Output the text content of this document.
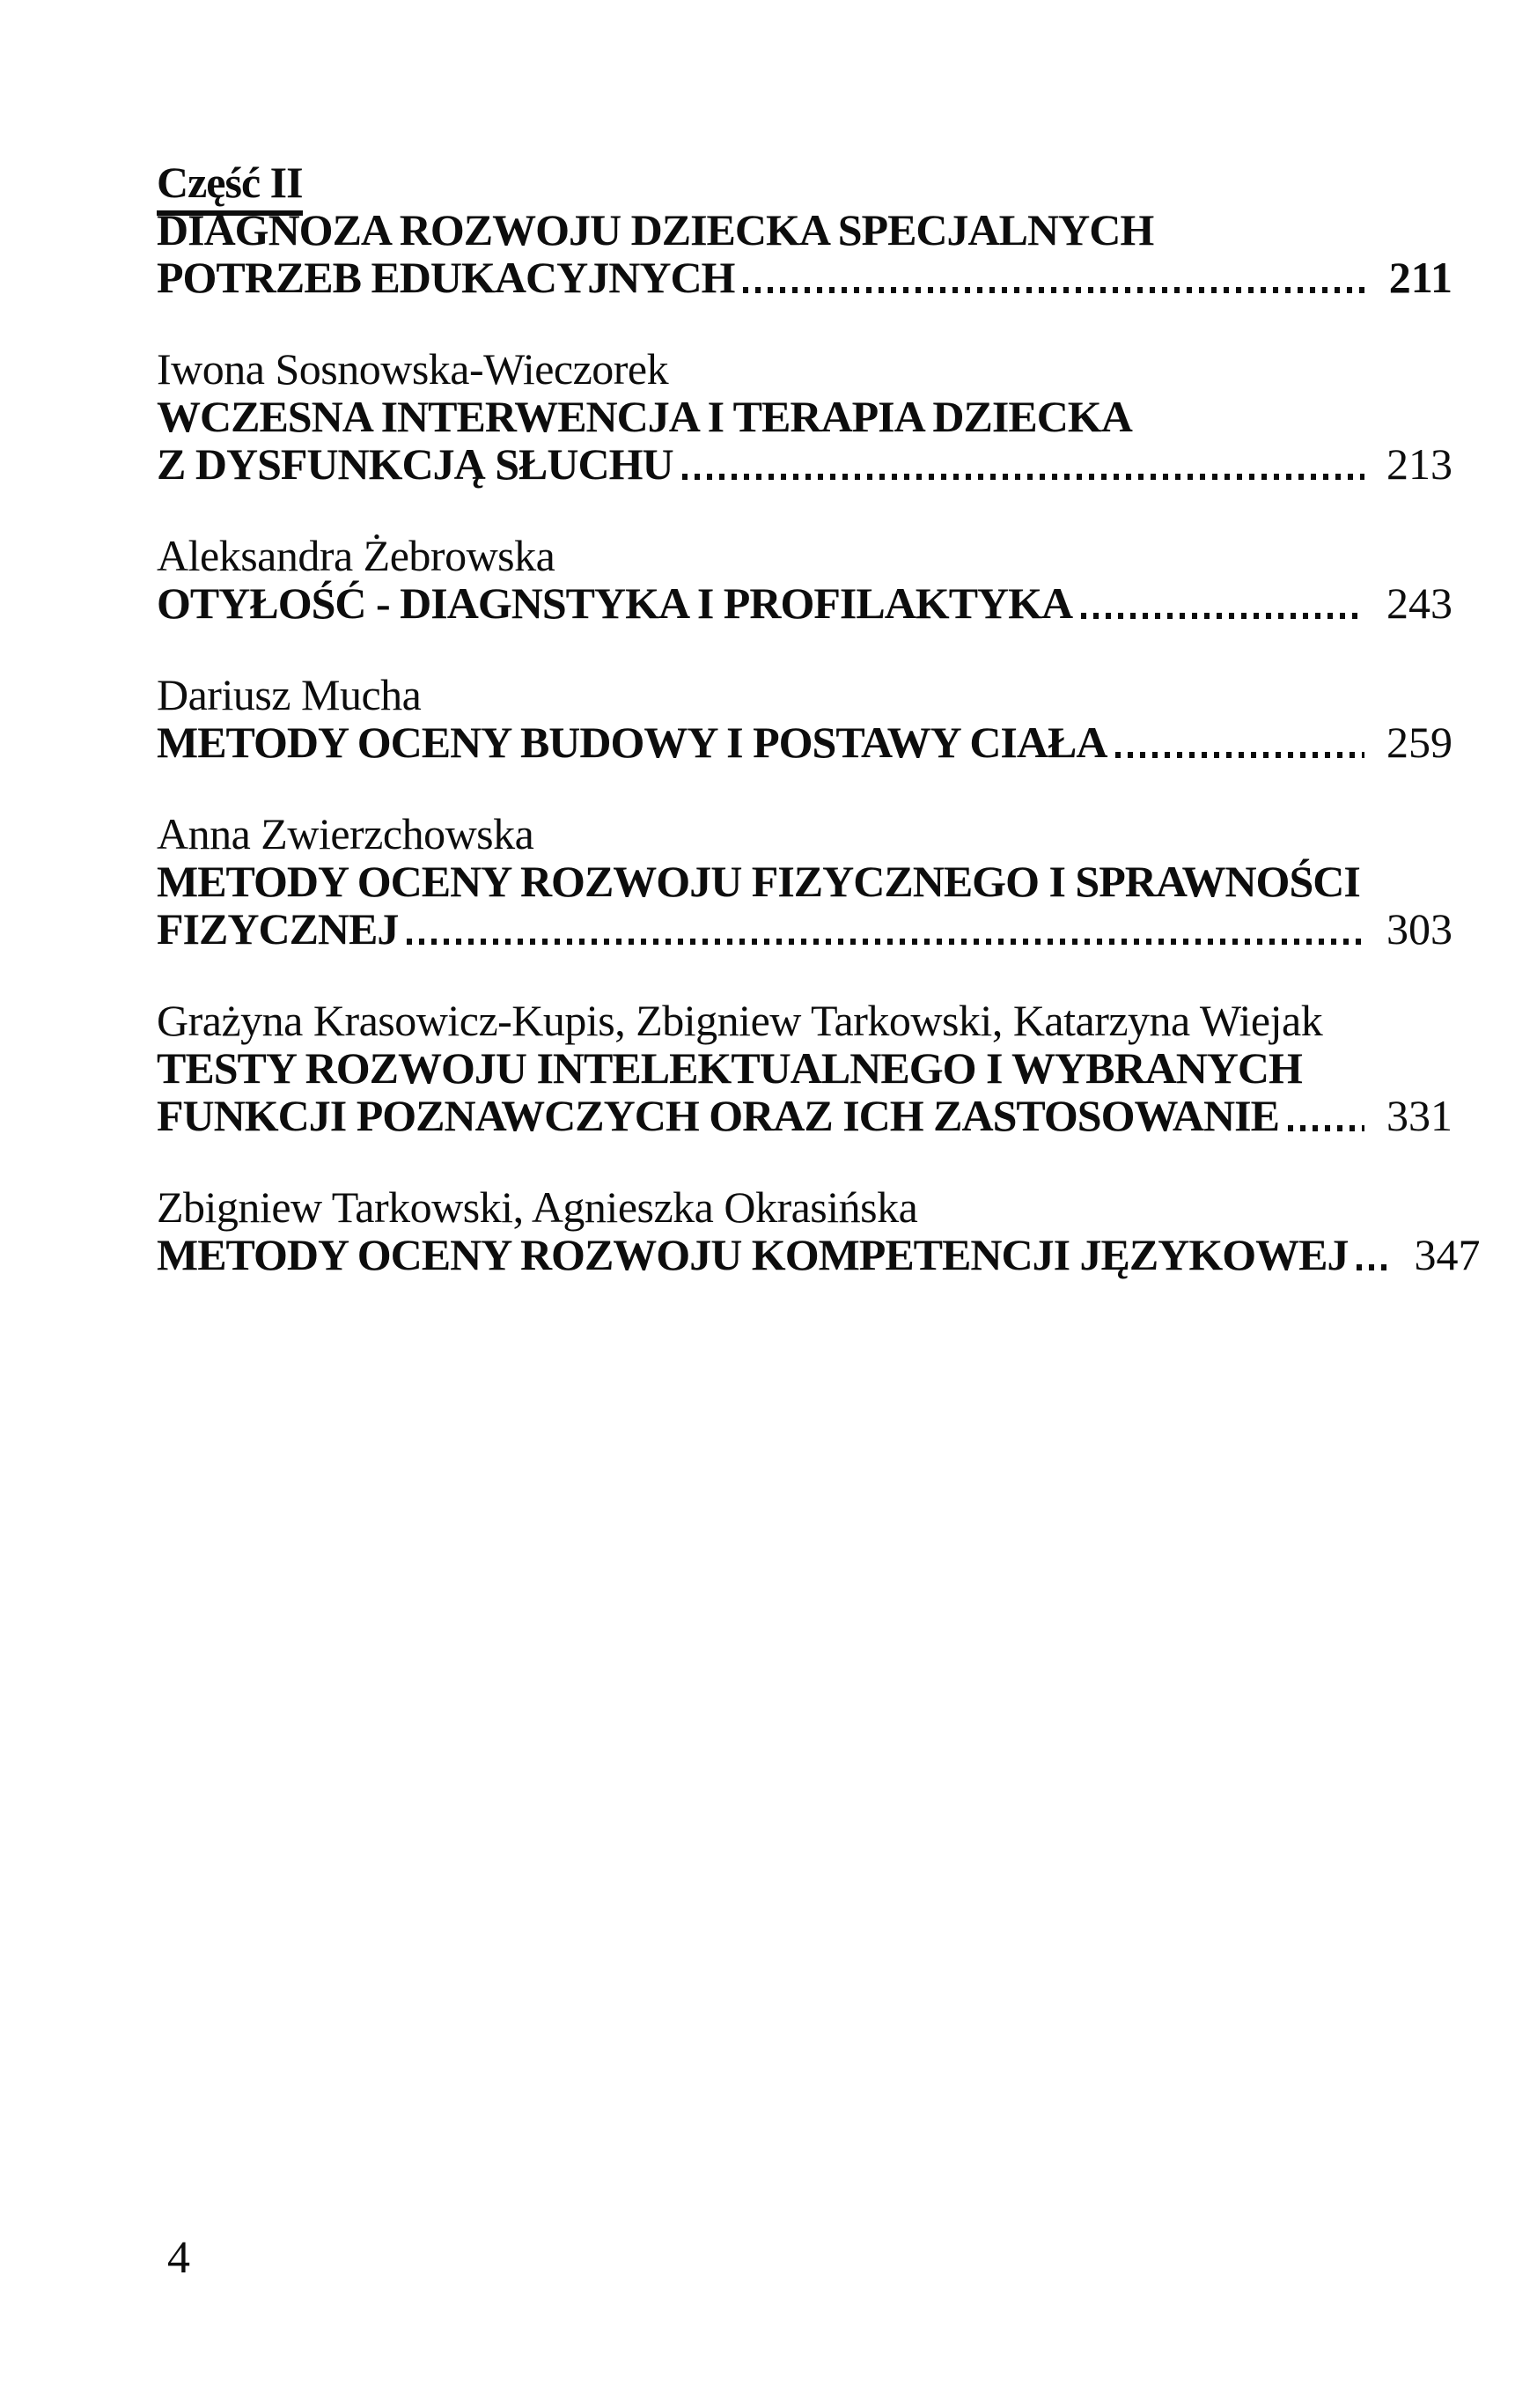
Część II
DIAGNOZA ROZWOJU DZIECKA SPECJALNYCH
POTRZEB EDUKACYJNYCH	211
Iwona Sosnowska-Wieczorek
WCZESNA INTERWENCJA I TERAPIA DZIECKA
Z DYSFUNKCJĄ SŁUCHU	213
Aleksandra Żebrowska
OTYŁOŚĆ - DIAGNSTYKA I PROFILAKTYKA	243
Dariusz Mucha
METODY OCENY BUDOWY I POSTAWY CIAŁA	259
Anna Zwierzchowska
METODY OCENY ROZWOJU FIZYCZNEGO I SPRAWNOŚCI
FIZYCZNEJ	303
Grażyna Krasowicz-Kupis, Zbigniew Tarkowski, Katarzyna Wiejak
TESTY ROZWOJU INTELEKTUALNEGO I WYBRANYCH
FUNKCJI POZNAWCZYCH ORAZ ICH ZASTOSOWANIE 331
Zbigniew Tarkowski, Agnieszka Okrasińska
METODY OCENY ROZWOJU KOMPETENCJI JĘZYKOWEJ 347
4
